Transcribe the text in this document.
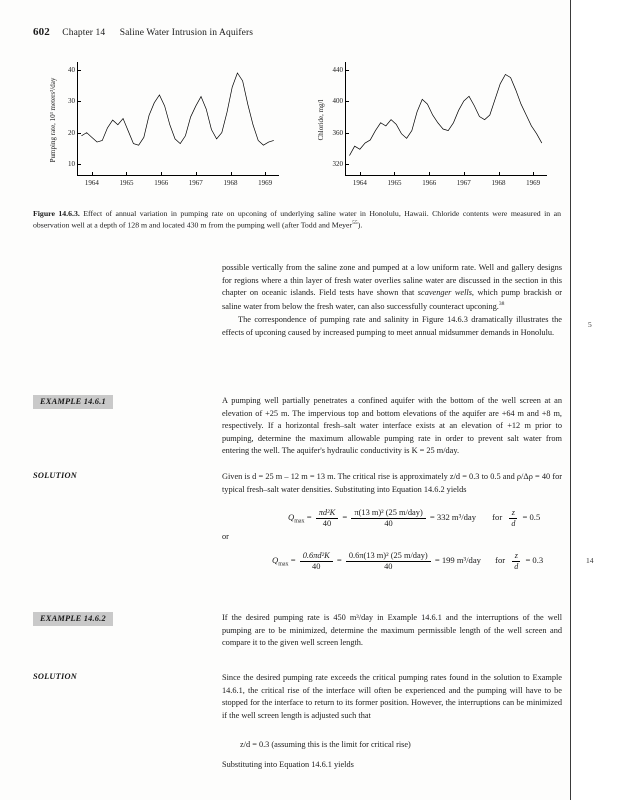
602 Chapter 14 Saline Water Intrusion in Aquifers
Pumping rate, 10³ meters³/day
40
30
20
10
1964	1965	1966	1967	1968	1969
Chloride, mg/l
440
400
360
320
1964	1965	1966	1967	1968	1969
Figure 14.6.3. Effect of annual variation in pumping rate on upconing of underlying saline water in Honolulu, Hawaii. Chloride contents were measured in an observation well at a depth of 128 m and located 430 m from the pumping well (after Todd and Meyer$^{55}$).

possible vertically from the saline zone and pumped at a low uniform rate. Well and gallery designs for regions where a thin layer of fresh water overlies saline water are discussed in the section in this chapter on oceanic islands. Field tests have shown that scavenger wells, which pump brackish or saline water from below the fresh water, can also successfully counteract upconing.$^{38}$

The correspondence of pumping rate and salinity in Figure 14.6.3 dramatically illustrates the effects of upconing caused by increased pumping to meet annual midsummer demands in Honolulu.

EXAMPLE 14.6.1	A pumping well partially penetrates a confined aquifer with the bottom of the well screen at an elevation of +25 m. The impervious top and bottom elevations of the aquifer are +64 m and +8 m, respectively. If a horizontal fresh–salt water interface exists at an elevation of +12 m prior to pumping, determine the maximum allowable pumping rate in order to prevent salt water from entering the well. The aquifer's hydraulic conductivity is K = 25 m/day.
SOLUTION	Given is d = 25 m – 12 m = 13 m. The critical rise is approximately z/d = 0.3 to 0.5 and ρ/Δρ = 40 for typical fresh–salt water densities. Substituting into Equation 14.6.2 yields
$Q_{max} = \frac{\text{πd²K}}{40} = \frac{\text{π(13 m)² (25 m/day)}}{40} = 332$ m³/day for $\frac{z}{d} = 0.5$
or
$Q_{max} = \frac{\text{0.6πd²K}}{40} = \frac{\text{0.6π(13 m)² (25 m/day)}}{40} = 199$ m³/day for $\frac{z}{d} = 0.3$
EXAMPLE 14.6.2	If the desired pumping rate is 450 m³/day in Example 14.6.1 and the interruptions of the well pumping are to be minimized, determine the maximum permissible length of the well screen and compare it to the given well screen length.
SOLUTION	Since the desired pumping rate exceeds the critical pumping rates found in the solution to Example 14.6.1, the critical rise of the interface will often be experienced and the pumping will have to be stopped for the interface to return to its former position. However, the interruptions can be minimized if the well screen length is adjusted such that
z/d = 0.3 (assuming this is the limit for critical rise)
Substituting into Equation 14.6.1 yields
5
14
